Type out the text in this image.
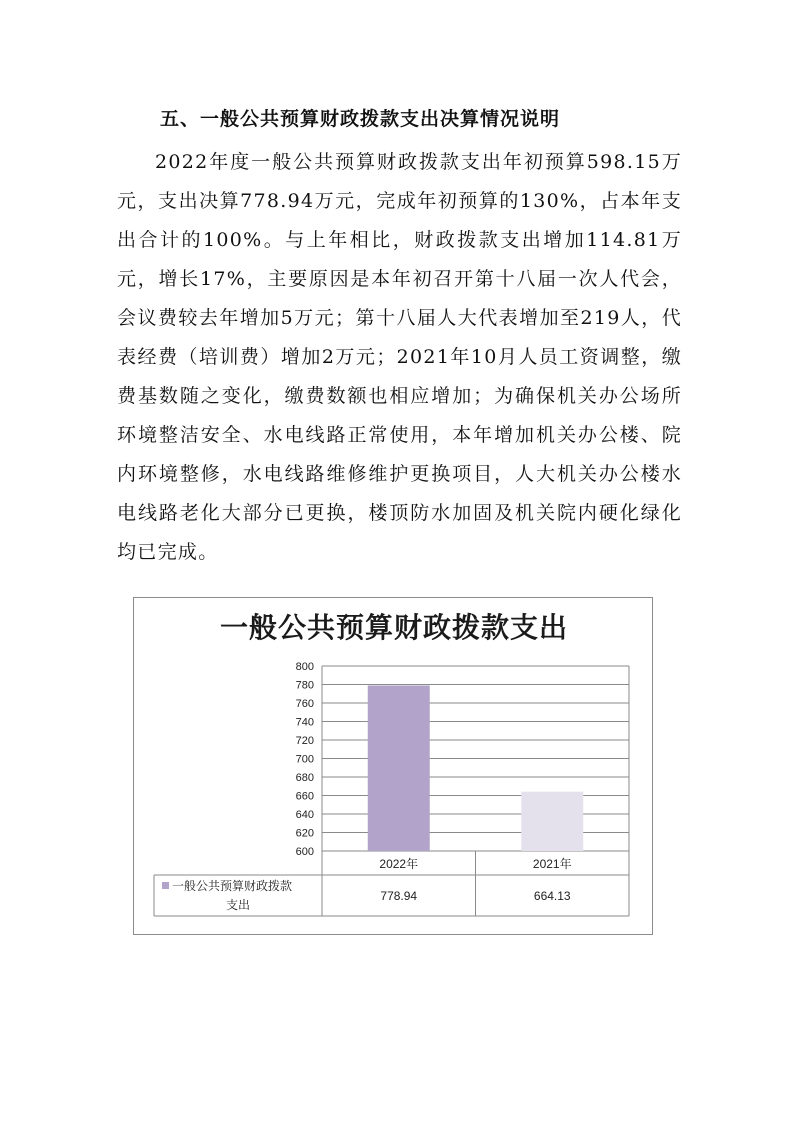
五、一般公共预算财政拨款支出决算情况说明

2022年度一般公共预算财政拨款支出年初预算598.15万元，支出决算778.94万元，完成年初预算的130%，占本年支出合计的100%。与上年相比，财政拨款支出增加114.81万元，增长17%，主要原因是本年初召开第十八届一次人代会，会议费较去年增加5万元；第十八届人大代表增加至219人，代表经费（培训费）增加2万元；2021年10月人员工资调整，缴费基数随之变化，缴费数额也相应增加；为确保机关办公场所环境整洁安全、水电线路正常使用，本年增加机关办公楼、院内环境整修，水电线路维修维护更换项目，人大机关办公楼水电线路老化大部分已更换，楼顶防水加固及机关院内硬化绿化均已完成。

一般公共预算财政拨款支出
600
620
640
660
680
700
720
740
760
780
800
2022年
778.94
2021年
664.13
一般公共预算财政拨款
支出
